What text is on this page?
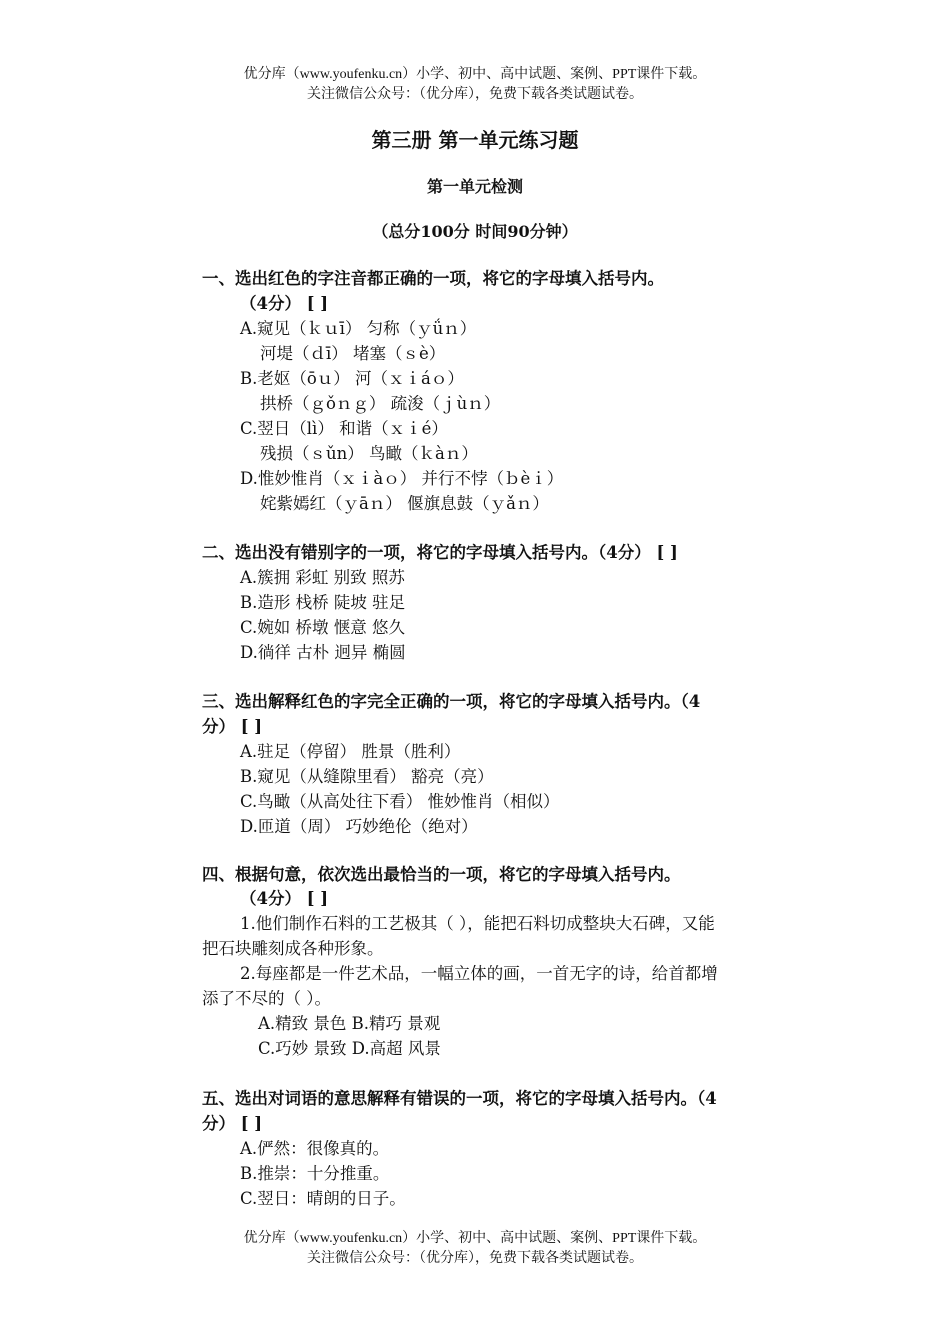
优分库（www.youfenku.cn）小学、初中、高中试题、案例、PPT课件下载。
关注微信公众号：（优分库），免费下载各类试题试卷。
第三册 第一单元练习题
第一单元检测
（总分100分 时间90分钟）
一、选出红色的字注音都正确的一项，将它的字母填入括号内。
（4分） [ ]
A.窥见（ｋｕī） 匀称（ｙǘｎ）
河堤（ｄī） 堵塞（ｓè）
B.老妪（ōｕ） 河（ｘｉáｏ）
拱桥（ｇǒｎｇ） 疏浚（ｊùｎ）
C.翌日（lì） 和谐（ｘｉé）
残损（ｓǔn） 鸟瞰（ｋàｎ）
D.惟妙惟肖（ｘｉàｏ） 并行不悖（ｂèｉ）
姹紫嫣红（ｙāｎ） 偃旗息鼓（ｙǎｎ）
二、选出没有错别字的一项，将它的字母填入括号内。（4分） [ ]
A.簇拥 彩虹 别致 照苏
B.造形 栈桥 陡坡 驻足
C.婉如 桥墩 惬意 悠久
D.徜徉 古朴 迥异 椭圆
三、选出解释红色的字完全正确的一项，将它的字母填入括号内。（4
分） [ ]
A.驻足（停留） 胜景（胜利）
B.窥见（从缝隙里看） 豁亮（亮）
C.鸟瞰（从高处往下看） 惟妙惟肖（相似）
D.匝道（周） 巧妙绝伦（绝对）
四、根据句意，依次选出最恰当的一项，将它的字母填入括号内。
（4分） [ ]
1.他们制作石料的工艺极其（ ），能把石料切成整块大石碑，又能
把石块雕刻成各种形象。
2.每座都是一件艺术品，一幅立体的画，一首无字的诗，给首都增
添了不尽的（ ）。
A.精致 景色 B.精巧 景观
C.巧妙 景致 D.高超 风景
五、选出对词语的意思解释有错误的一项，将它的字母填入括号内。（4
分） [ ]
A.俨然：很像真的。
B.推崇：十分推重。
C.翌日：晴朗的日子。
优分库（www.youfenku.cn）小学、初中、高中试题、案例、PPT课件下载。
关注微信公众号：（优分库），免费下载各类试题试卷。
